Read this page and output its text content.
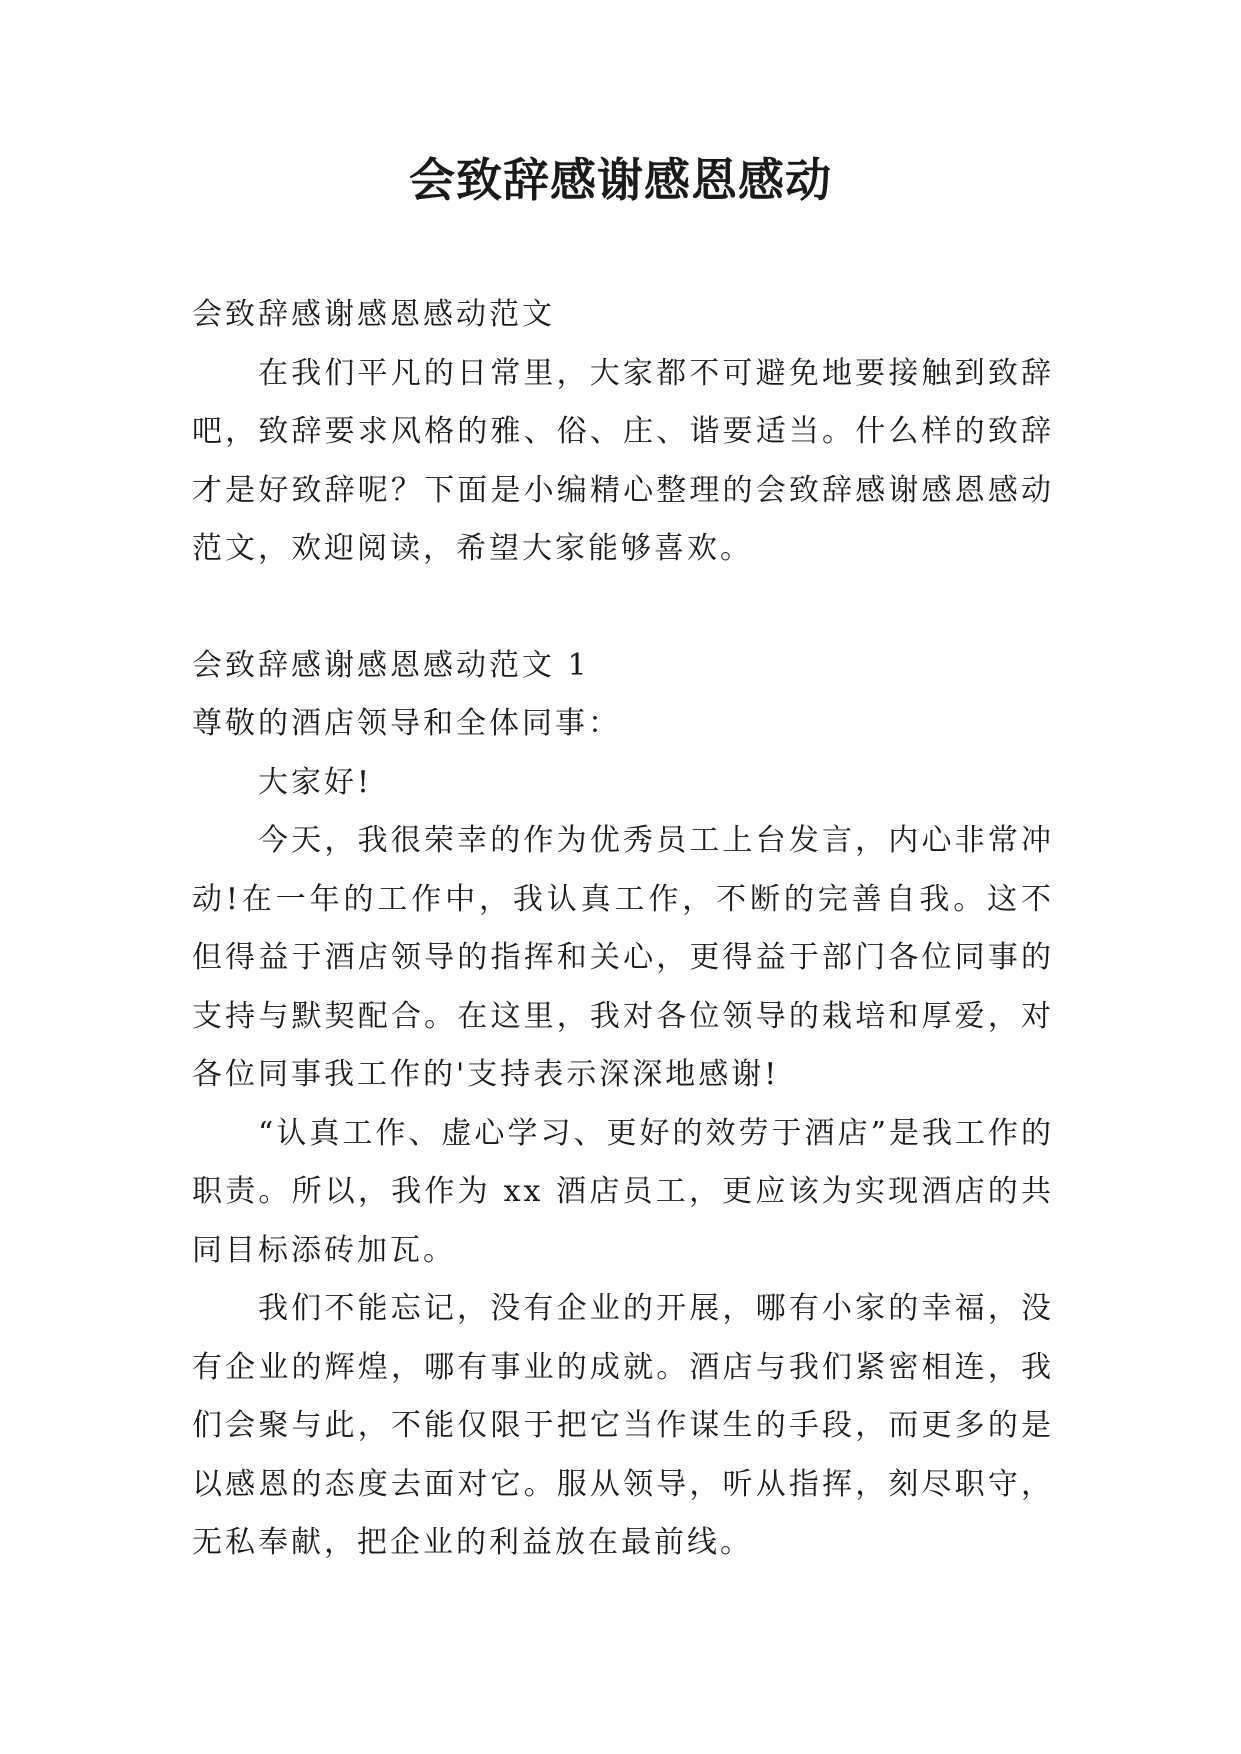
会致辞感谢感恩感动
会致辞感谢感恩感动范文
在我们平凡的日常里，大家都不可避免地要接触到致辞吧，致辞要求风格的雅、俗、庄、谐要适当。什么样的致辞才是好致辞呢？下面是小编精心整理的会致辞感谢感恩感动范文，欢迎阅读，希望大家能够喜欢。
会致辞感谢感恩感动范文 1
尊敬的酒店领导和全体同事：
大家好!
今天，我很荣幸的作为优秀员工上台发言，内心非常冲动!在一年的工作中，我认真工作，不断的完善自我。这不但得益于酒店领导的指挥和关心，更得益于部门各位同事的支持与默契配合。在这里，我对各位领导的栽培和厚爱，对各位同事我工作的'支持表示深深地感谢!
“认真工作、虚心学习、更好的效劳于酒店”是我工作的职责。所以，我作为 xx 酒店员工，更应该为实现酒店的共同目标添砖加瓦。
我们不能忘记，没有企业的开展，哪有小家的幸福，没有企业的辉煌，哪有事业的成就。酒店与我们紧密相连，我们会聚与此，不能仅限于把它当作谋生的手段，而更多的是以感恩的态度去面对它。服从领导，听从指挥，刻尽职守，无私奉献，把企业的利益放在最前线。
